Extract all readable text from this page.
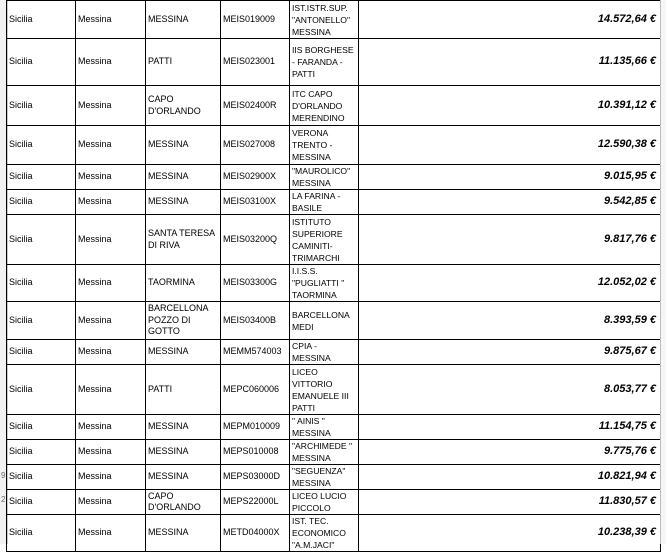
9
2
Sicilia	Messina	MESSINA	MEIS019009	IST.ISTR.SUP. "ANTONELLO" MESSINA	14.572,64 €
Sicilia	Messina	PATTI	MEIS023001	IIS BORGHESE - FARANDA - PATTI	11.135,66 €
Sicilia	Messina	CAPO D'ORLANDO	MEIS02400R	ITC CAPO D'ORLANDO MERENDINO	10.391,12 €
Sicilia	Messina	MESSINA	MEIS027008	VERONA TRENTO - MESSINA	12.590,38 €
Sicilia	Messina	MESSINA	MEIS02900X	"MAUROLICO" MESSINA	9.015,95 €
Sicilia	Messina	MESSINA	MEIS03100X	LA FARINA - BASILE	9.542,85 €
Sicilia	Messina	SANTA TERESA DI RIVA	MEIS03200Q	ISTITUTO SUPERIORE CAMINITI-TRIMARCHI	9.817,76 €
Sicilia	Messina	TAORMINA	MEIS03300G	I.I.S.S. "PUGLIATTI " TAORMINA	12.052,02 €
Sicilia	Messina	BARCELLONA POZZO DI GOTTO	MEIS03400B	BARCELLONA MEDI	8.393,59 €
Sicilia	Messina	MESSINA	MEMM574003	CPIA - MESSINA	9.875,67 €
Sicilia	Messina	PATTI	MEPC060006	LICEO VITTORIO EMANUELE III PATTI	8.053,77 €
Sicilia	Messina	MESSINA	MEPM010009	" AINIS " MESSINA	11.154,75 €
Sicilia	Messina	MESSINA	MEPS010008	"ARCHIMEDE " MESSINA	9.775,76 €
Sicilia	Messina	MESSINA	MEPS03000D	"SEGUENZA" MESSINA	10.821,94 €
Sicilia	Messina	CAPO D'ORLANDO	MEPS22000L	LICEO LUCIO PICCOLO	11.830,57 €
Sicilia	Messina	MESSINA	METD04000X	IST. TEC. ECONOMICO "A.M.JACI"	10.238,39 €
